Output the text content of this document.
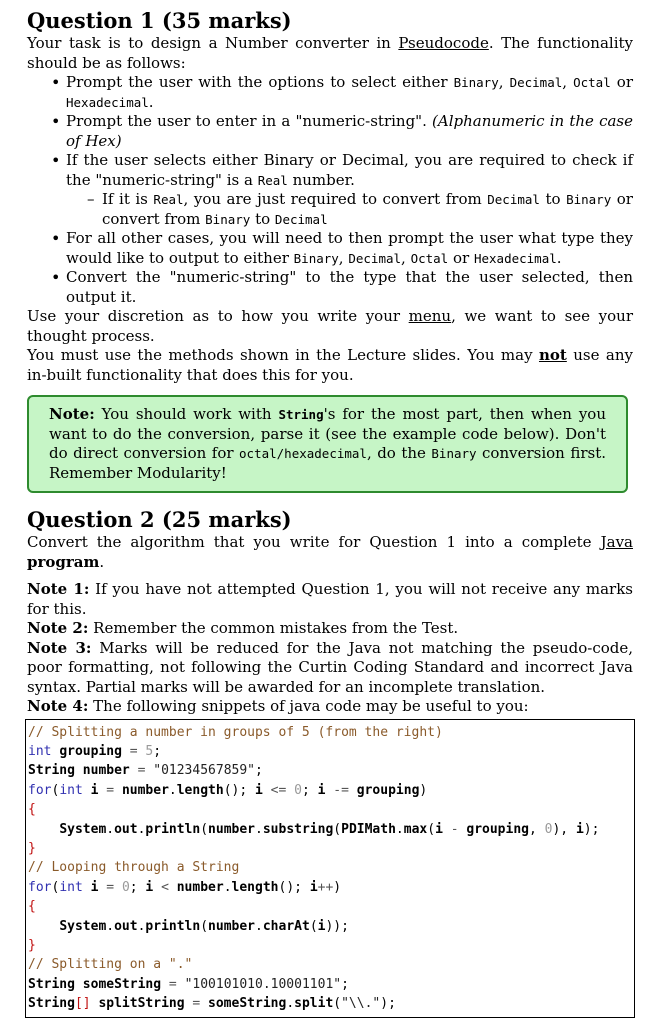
Question 1 (35 marks)

Your task is to design a Number converter in Pseudocode. The functionality should be as follows:

• Prompt the user with the options to select either Binary, Decimal, Octal or Hexadecimal.
• Prompt the user to enter in a "numeric-string". (Alphanumeric in the case of Hex)
• If the user selects either Binary or Decimal, you are required to check if the "numeric-string" is a Real number.
– If it is Real, you are just required to convert from Decimal to Binary or convert from Binary to Decimal
• For all other cases, you will need to then prompt the user what type they would like to output to either Binary, Decimal, Octal or Hexadecimal.
• Convert the "numeric-string" to the type that the user selected, then output it.

Use your discretion as to how you write your menu, we want to see your thought process.

You must use the methods shown in the Lecture slides. You may not use any in-built functionality that does this for you.

Note: You should work with String's for the most part, then when you want to do the conversion, parse it (see the example code below). Don't do direct conversion for octal/hexadecimal, do the Binary conversion first. Remember Modularity!

Question 2 (25 marks)

Convert the algorithm that you write for Question 1 into a complete Java program.

Note 1: If you have not attempted Question 1, you will not receive any marks for this.

Note 2: Remember the common mistakes from the Test.

Note 3: Marks will be reduced for the Java not matching the pseudo-code, poor formatting, not following the Curtin Coding Standard and incorrect Java syntax. Partial marks will be awarded for an incomplete translation.

Note 4: The following snippets of java code may be useful to you:

// Splitting a number in groups of 5 (from the right)
int grouping = 5;
String number = "01234567859";
for(int i = number.length(); i <= 0; i -= grouping)
{
System.out.println(number.substring(PDIMath.max(i - grouping, 0), i);
}
// Looping through a String
for(int i = 0; i < number.length(); i++)
{
System.out.println(number.charAt(i));
}
// Splitting on a "."
String someString = "100101010.10001101";
String[] splitString = someString.split("\\.");
